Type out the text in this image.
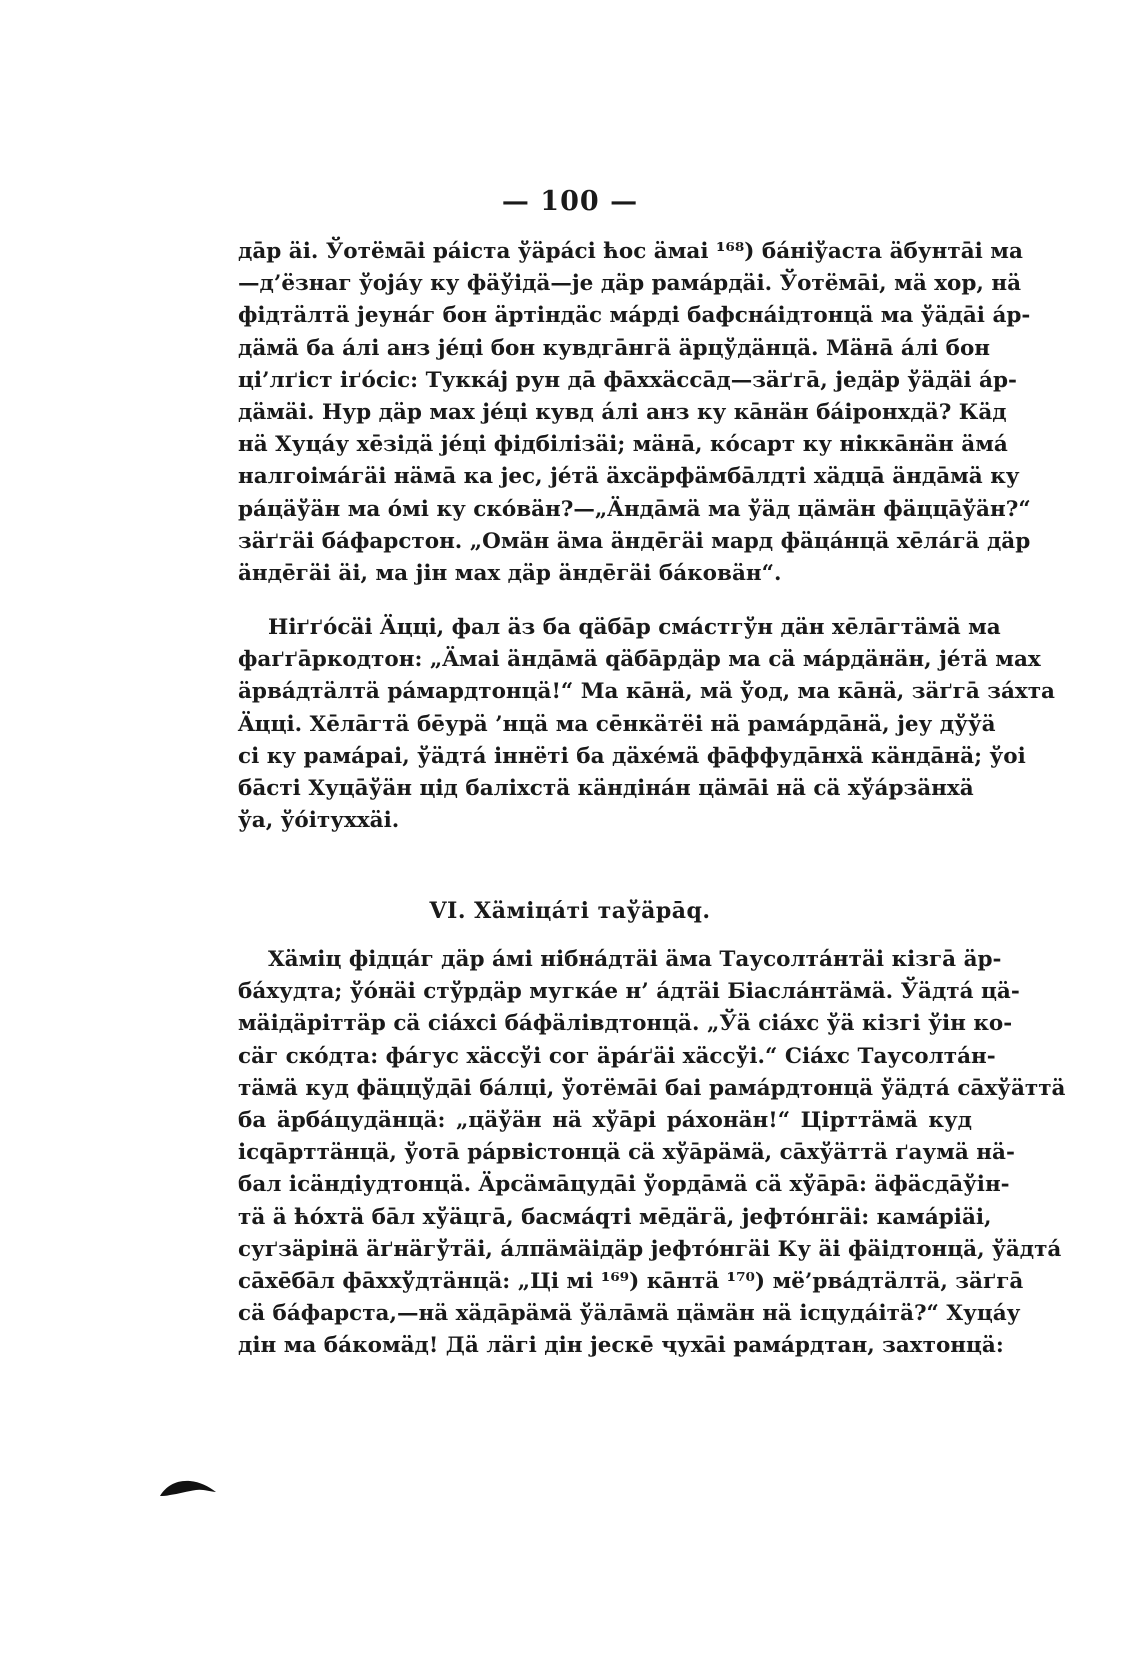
— 100 —
дāр äi. Ўотёмāi рáiста ўäрáсi ћос äмаi ¹⁶⁸) бáнiўаста äбунтāi ма
—д’ёзнаг ўоjáу ку фäўiдä—jе дäр рамáрдäi. Ўотёмāi, мä хор, нä
фiдтäлтä jеунáг бон äртiндäс мáрдi бафснáiдтонцä ма ўäдāi áр-
дäмä ба áлi анз jéцi бон кувдгāнгä äрцўдäнцä. Мäнā áлi бон
цi’лґiст iґóсiс: Туккáj рун дā фāххäссāд—зäґгā, jедäр ўäдäi áр-
дäмäi. Нур дäр мах jéцi кувд áлi анз ку кāнäн бáiронхдä? Кäд
нä Хуцáу хēзiдä jéцi фiдбiлiзäi; мäнā, кóсарт ку нiккāнäн äмá
налгоiмáгäi нäмā ка jес, jéтä äхсäрфäмбāлдтi хäдцā äндāмä ку
рáцäўäн ма óмi ку скóвäн?—„Äндāмä ма ўäд цäмäн фäццāўäн?“
зäґгäi бáфарстон. „Омäн äма äндēгäi мард фäцáнцä хēлáгä дäр
äндēгäi äi, ма jiн мах дäр äндēгäi бáковäн“.
Нiґґóсäi Äццi, фал äз ба qäбāр смáстгўн дäн хēлāгтäмä ма
фаґґāркодтон: „Äмаi äндāмä qäбāрдäр ма сä мáрдäнäн, jéтä мах
äрвáдтäлтä рáмардтонцä!“ Ма кāнä, мä ўод, ма кāнä, зäґгā зáхта
Äццi. Хēлāгтä бēурä ’нцä ма сēнкäтëi нä рамáрдāнä, jеу дўўä
сi ку рамáраi, ўäдтá iннëтi ба дäхéмä фāффудāнхä кäндāнä; ўоi
бāстi Хуцāўäн цiд балiхстä кäндiнáн цäмāi нä сä хўáрзäнхä
ўа, ўóiтуххäi.
VI. Хäмiцáтi таўäрāq.
Хäмiц фiдцáг дäр áмi нiбнáдтäi äма Таусолтáнтäi кiзгā äр-
бáхудта; ўóнäi стўрдäр мугкáе н’ áдтäi Бiаслáнтäмä. Ўäдтá цä-
мäiдäрiттäр сä сiáхсi бáфäлiвдтонцä. „Ўä сiáхс ўä кiзгi ўiн ко-
сäг скóдта: фáгус хäссўi сог äрáґäi хäссўi.“ Сiáхс Таусолтáн-
тäмä куд фäццўдāi бáлцi, ўотёмāi баi рамáрдтонцä ўäдтá сāхўäттä
ба äрбáцудäнцä: „цäўäн нä хўāрi рáхонäн!“ Цiрттäмä куд
iсqāрттäнцä, ўотā рáрвiстонцä сä хўāрäмä, сāхўäттä ґаумä нä-
бал iсäндiудтонцä. Äрсäмāцудāi ўордāмä сä хўāрā: äфäсдāўiн-
тä ä ћóхтä бāл хўäцгā, басмáqтi мēдäгä, jефтóнгäi: камáрiäi,
суґзäрiнä äґнäгўтäi, áлпäмäiдäр jефтóнгäi Ку äi фäiдтонцä, ўäдтá
сāхēбāл фāххўдтäнцä: „Цi мi ¹⁶⁹) кāнтä ¹⁷⁰) мё’рвáдтäлтä, зäґгā
сä бáфарста,—нä хäдāрäмä ўäлāмä цäмäн нä iсцудáiтä?“ Хуцáу
дiн ма бáкомäд! Дä лäгi дiн jеске̄ ҷухāi рамáрдтан, захтонцä:
